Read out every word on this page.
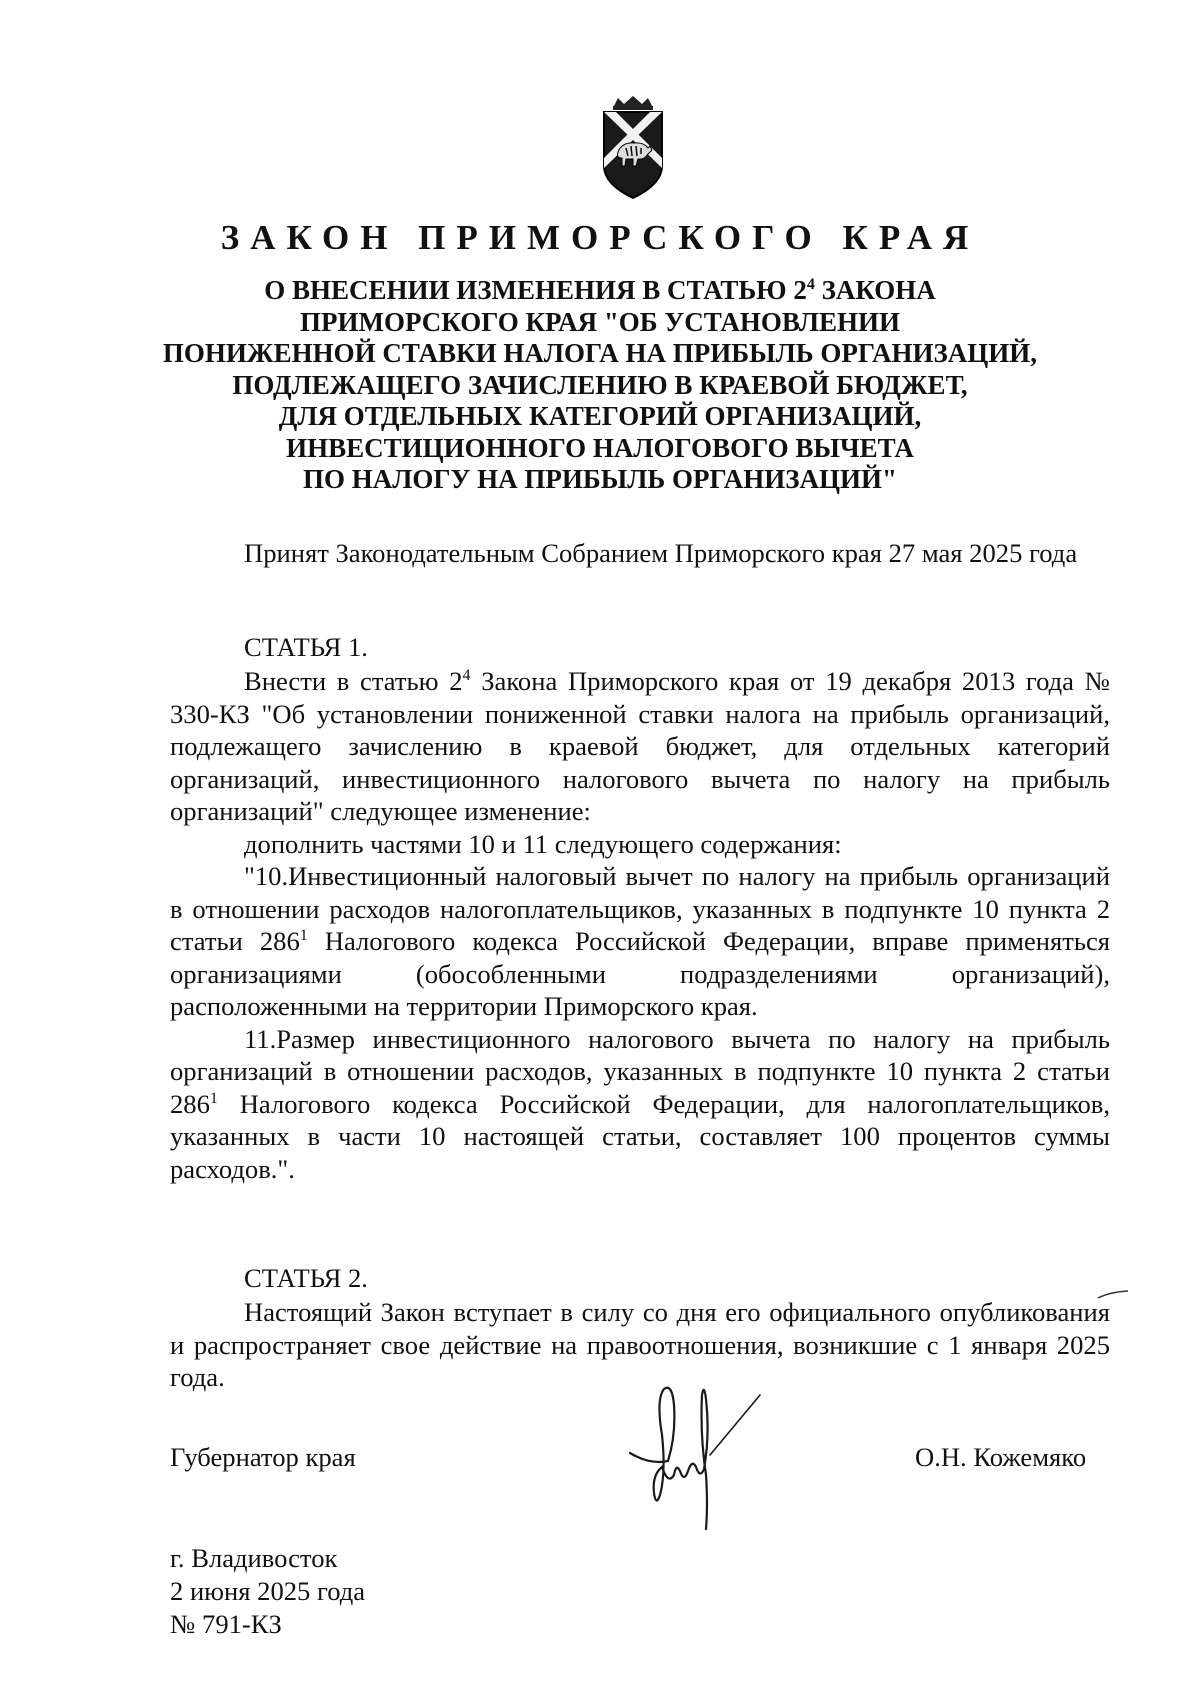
ЗАКОН ПРИМОРСКОГО КРАЯ
О ВНЕСЕНИИ ИЗМЕНЕНИЯ В СТАТЬЮ $2^4$ ЗАКОНА
ПРИМОРСКОГО КРАЯ "ОБ УСТАНОВЛЕНИИ
ПОНИЖЕННОЙ СТАВКИ НАЛОГА НА ПРИБЫЛЬ ОРГАНИЗАЦИЙ,
ПОДЛЕЖАЩЕГО ЗАЧИСЛЕНИЮ В КРАЕВОЙ БЮДЖЕТ,
ДЛЯ ОТДЕЛЬНЫХ КАТЕГОРИЙ ОРГАНИЗАЦИЙ,
ИНВЕСТИЦИОННОГО НАЛОГОВОГО ВЫЧЕТА
ПО НАЛОГУ НА ПРИБЫЛЬ ОРГАНИЗАЦИЙ"

Принят Законодательным Собранием Приморского края 27 мая 2025 года

СТАТЬЯ 1.

Внести в статью $2^4$ Закона Приморского края от 19 декабря 2013 года № 330-КЗ "Об установлении пониженной ставки налога на прибыль организаций, подлежащего зачислению в краевой бюджет, для отдельных категорий организаций, инвестиционного налогового вычета по налогу на прибыль организаций" следующее изменение:

дополнить частями 10 и 11 следующего содержания:

"10.Инвестиционный налоговый вычет по налогу на прибыль организаций в отношении расходов налогоплательщиков, указанных в подпункте 10 пункта 2 статьи $286^1$ Налогового кодекса Российской Федерации, вправе применяться организациями (обособленными подразделениями организаций), расположенными на территории Приморского края.

11.Размер инвестиционного налогового вычета по налогу на прибыль организаций в отношении расходов, указанных в подпункте 10 пункта 2 статьи $286^1$ Налогового кодекса Российской Федерации, для налогоплательщиков, указанных в части 10 настоящей статьи, составляет 100 процентов суммы расходов.".

СТАТЬЯ 2.

Настоящий Закон вступает в силу со дня его официального опубликования и распространяет свое действие на правоотношения, возникшие с 1 января 2025 года.

Губернатор края	О.Н. Кожемяко
г. Владивосток
2 июня 2025 года
№ 791-КЗ
